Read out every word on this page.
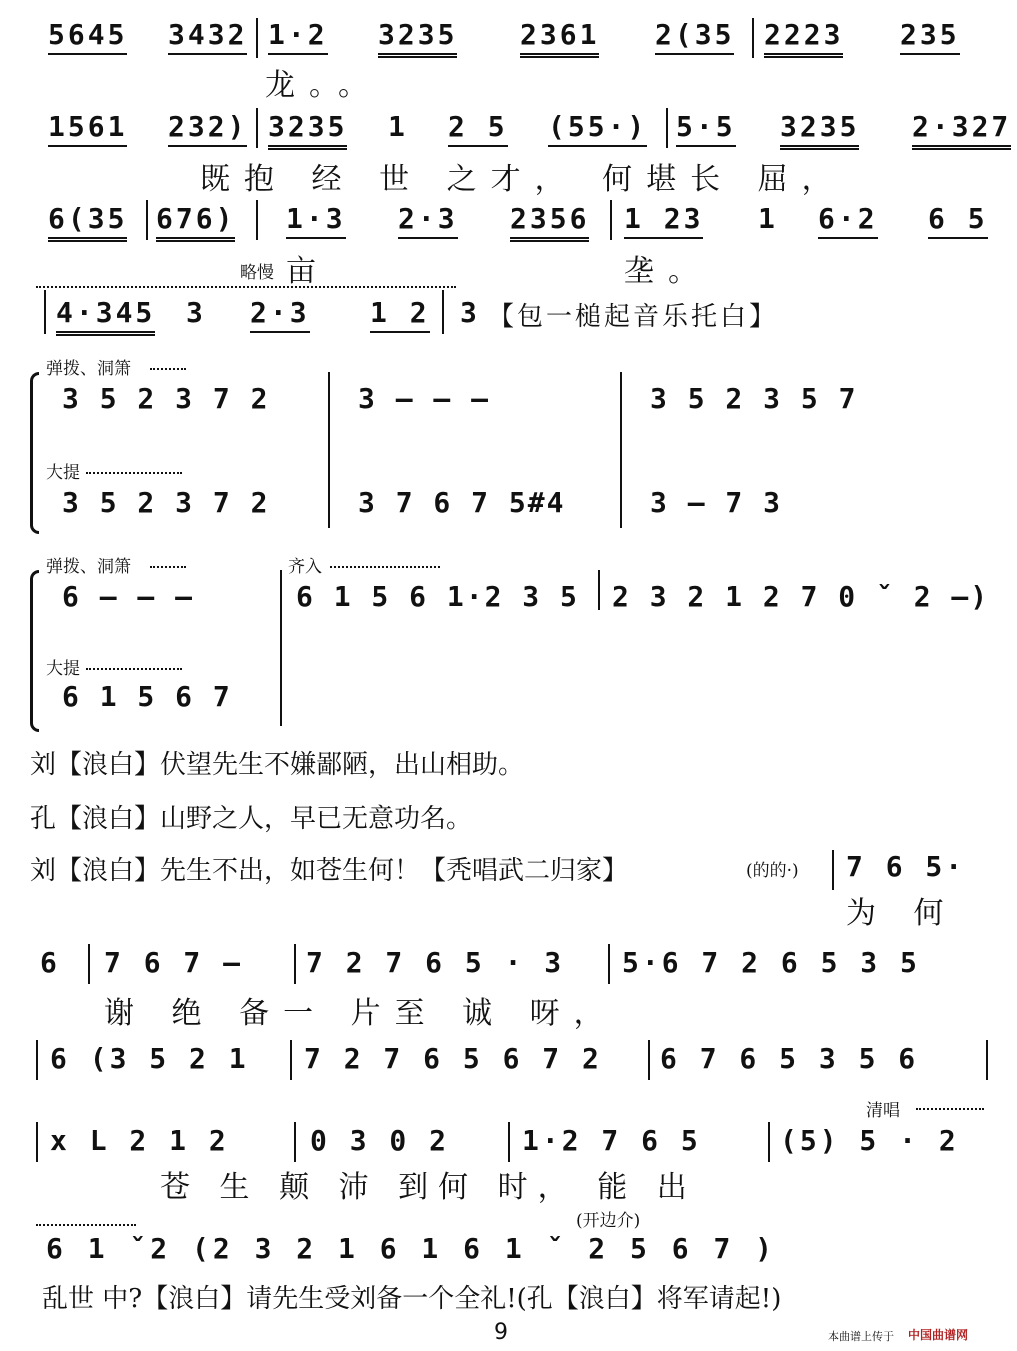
5645 3432 1·2 3235 2361 2(35 2223 235
龙。。
1561 232) 3235 1 2 5 (55·) 5·5 3235 2·327
既抱 经 世 之才， 何堪长 屈，
6(35 676) 1·3 2·3 2356 1 23 1 6·2 6 5
略慢 亩	垄。
4·345 3 2·3 1 2 3 【包一槌起音乐托白】
弹拨、洞箫
3 5 2 3 7 2	3 — — —	3 5 2 3 5 7
大提
3 5 2 3 7 2	3 7 6 7 5#4	3 — 7 3
弹拨、洞箫	齐入
6 — — —	6 1 5 6 1·2 3 5 2 3 2 1 2 7 0 ˇ 2 —)
大提
6 1 5 6 7
刘【浪白】伏望先生不嫌鄙陋，出山相助。
孔【浪白】山野之人，早已无意功名。
刘【浪白】先生不出，如苍生何！【秃唱武二归家】	(的的·) 7 6 5·
为 何
6 7 6 7 — 7 2 7 6 5 · 3 5·6 7 2 6 5 3 5
谢 绝 备一 片至 诚 呀，
6 (3 5 2 1 7 2 7 6 5 6 7 2 6 7 6 5 3 5 6
清唱
x L 2 1 2	0 3 0 2	1·2 7 6 5	(5) 5 · 2
苍 生 颠 沛 到何 时， 能 出
(开边介)
6 1 ˇ2 (2 3 2 1 6 1 6 1 ˇ 2 5 6 7 )
乱世 中?【浪白】请先生受刘备一个全礼!(孔【浪白】将军请起!)
9	本曲谱上传于 中国曲谱网
